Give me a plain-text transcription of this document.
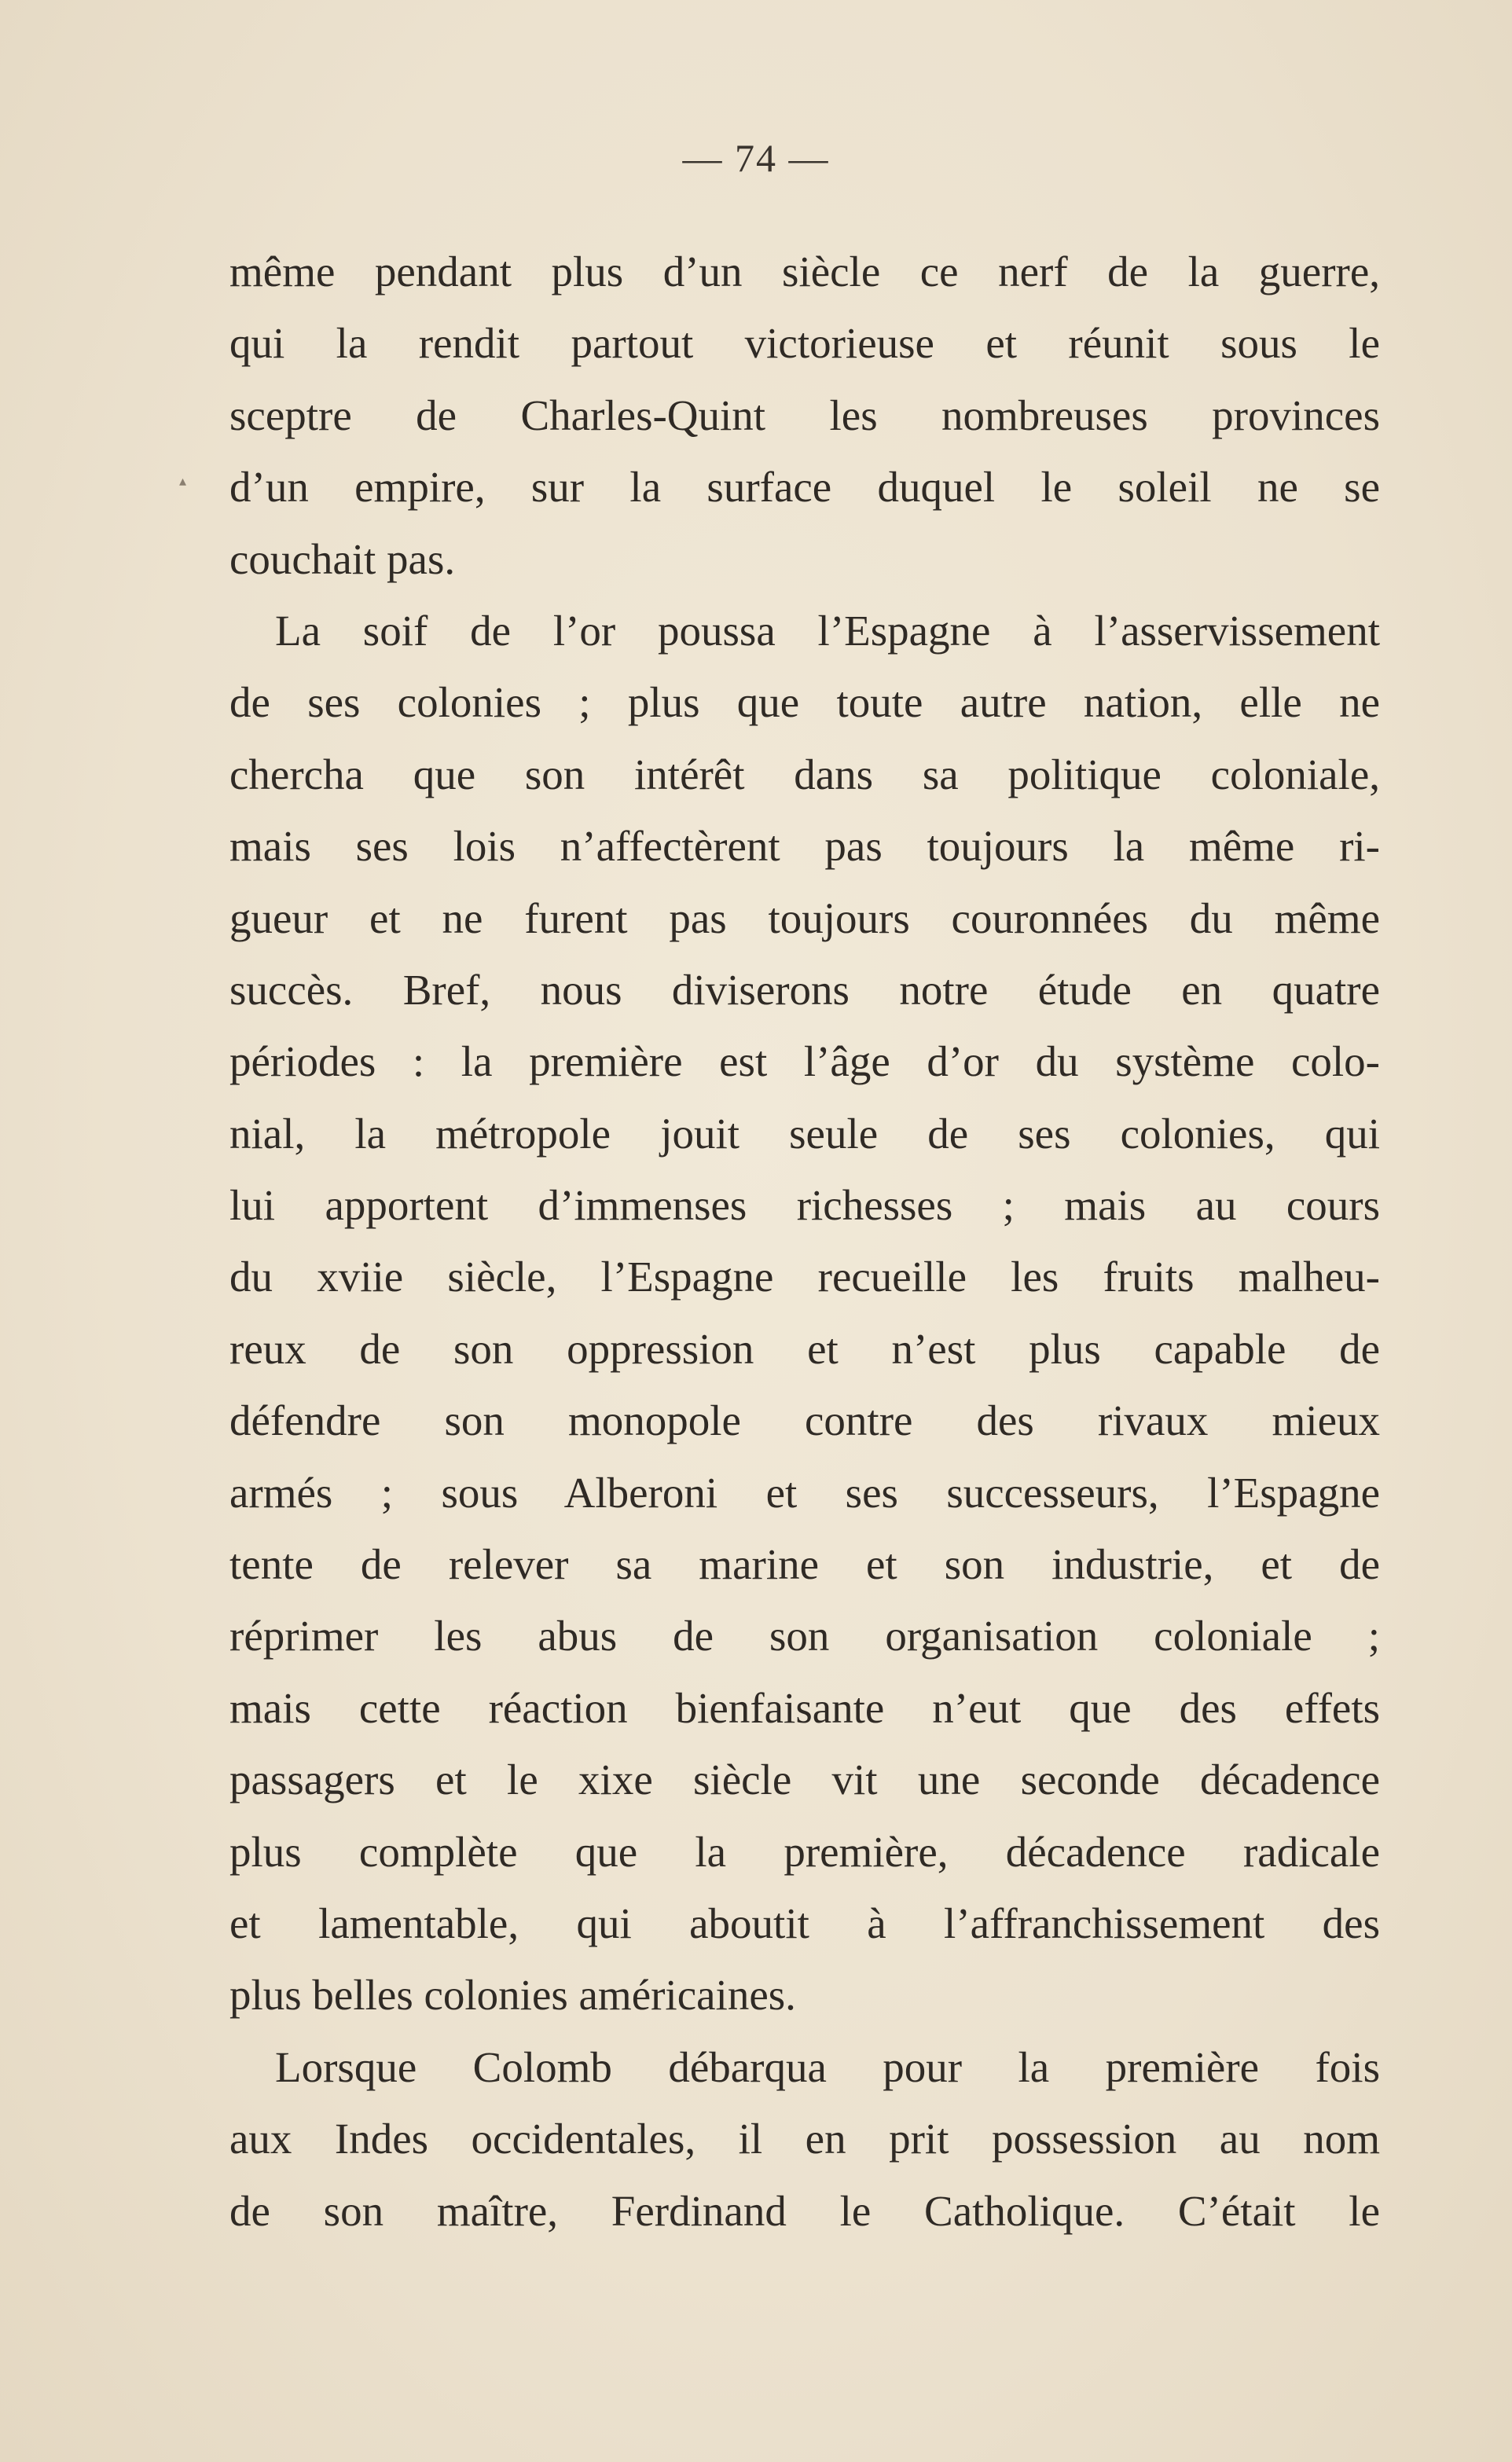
— 74 —
▴
même pendant plus d’un siècle ce nerf de la guerre,
qui la rendit partout victorieuse et réunit sous le
sceptre de Charles-Quint les nombreuses provinces
d’un empire, sur la surface duquel le soleil ne se
couchait pas.
La soif de l’or poussa l’Espagne à l’asservissement
de ses colonies ; plus que toute autre nation, elle ne
chercha que son intérêt dans sa politique coloniale,
mais ses lois n’affectèrent pas toujours la même ri-
gueur et ne furent pas toujours couronnées du même
succès. Bref, nous diviserons notre étude en quatre
périodes : la première est l’âge d’or du système colo-
nial, la métropole jouit seule de ses colonies, qui
lui apportent d’immenses richesses ; mais au cours
du xviie siècle, l’Espagne recueille les fruits malheu-
reux de son oppression et n’est plus capable de
défendre son monopole contre des rivaux mieux
armés ; sous Alberoni et ses successeurs, l’Espagne
tente de relever sa marine et son industrie, et de
réprimer les abus de son organisation coloniale ;
mais cette réaction bienfaisante n’eut que des effets
passagers et le xixe siècle vit une seconde décadence
plus complète que la première, décadence radicale
et lamentable, qui aboutit à l’affranchissement des
plus belles colonies américaines.
Lorsque Colomb débarqua pour la première fois
aux Indes occidentales, il en prit possession au nom
de son maître, Ferdinand le Catholique. C’était le
